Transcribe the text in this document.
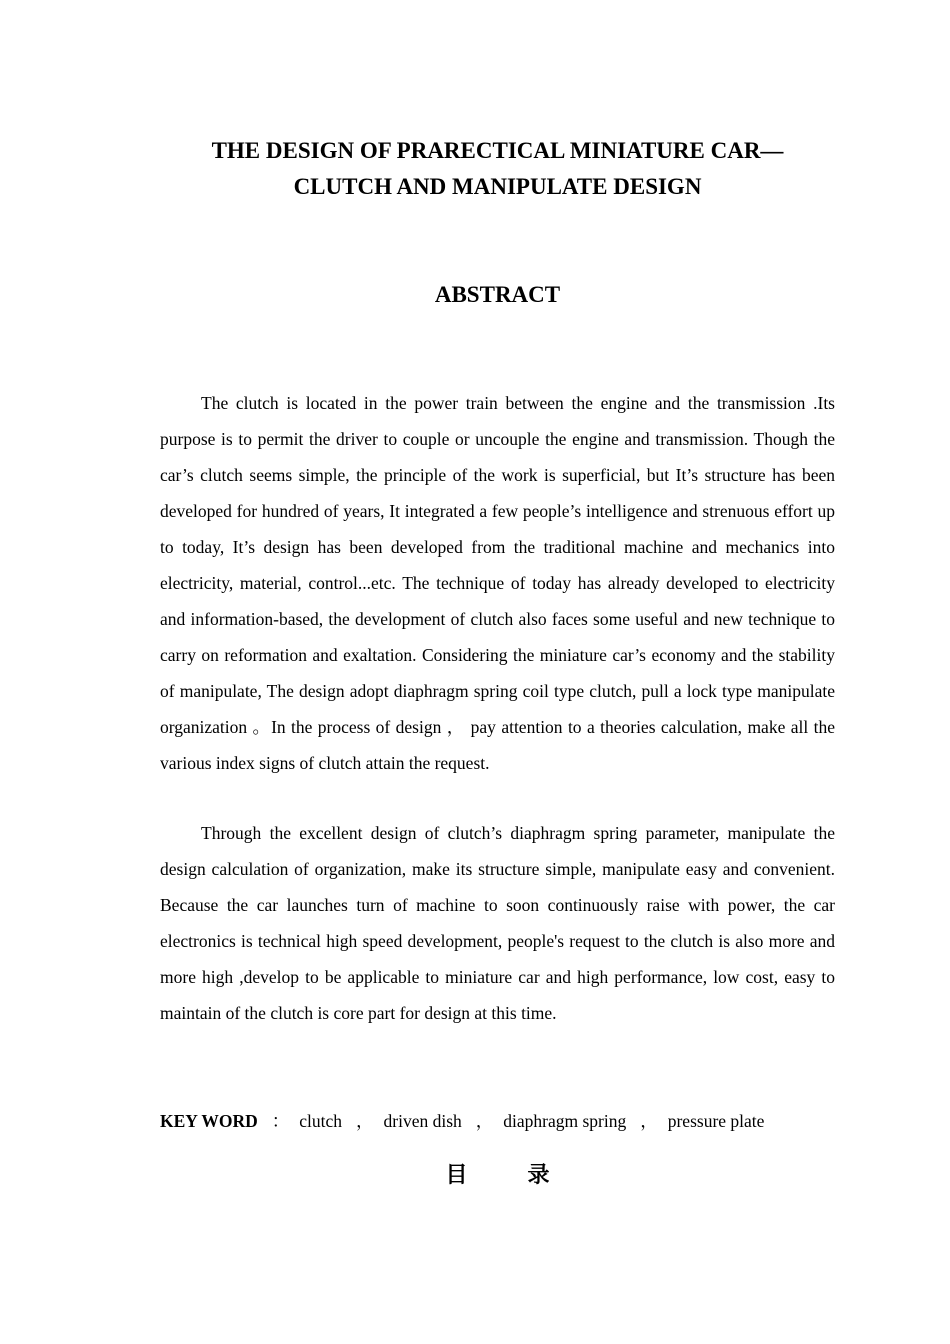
THE DESIGN OF PRARECTICAL MINIATURE CAR—
CLUTCH AND MANIPULATE DESIGN
ABSTRACT

The clutch is located in the power train between the engine and the transmission .Its purpose is to permit the driver to couple or uncouple the engine and transmission. Though the car’s clutch seems simple, the principle of the work is superficial, but It’s structure has been developed for hundred of years, It integrated a few people’s intelligence and strenuous effort up to today, It’s design has been developed from the traditional machine and mechanics into electricity, material, control...etc. The technique of today has already developed to electricity and information-based, the development of clutch also faces some useful and new technique to carry on reformation and exaltation. Considering the miniature car’s economy and the stability of manipulate, The design adopt diaphragm spring coil type clutch, pull a lock type manipulate organization 。In the process of design ， pay attention to a theories calculation, make all the various index signs of clutch attain the request.

Through the excellent design of clutch’s diaphragm spring parameter, manipulate the design calculation of organization, make its structure simple, manipulate easy and convenient. Because the car launches turn of machine to soon continuously raise with power, the car electronics is technical high speed development, people's request to the clutch is also more and more high ,develop to be applicable to miniature car and high performance, low cost, easy to maintain of the clutch is core part for design at this time.

KEY WORD ： clutch ， driven dish ， diaphragm spring ， pressure plate
目录
